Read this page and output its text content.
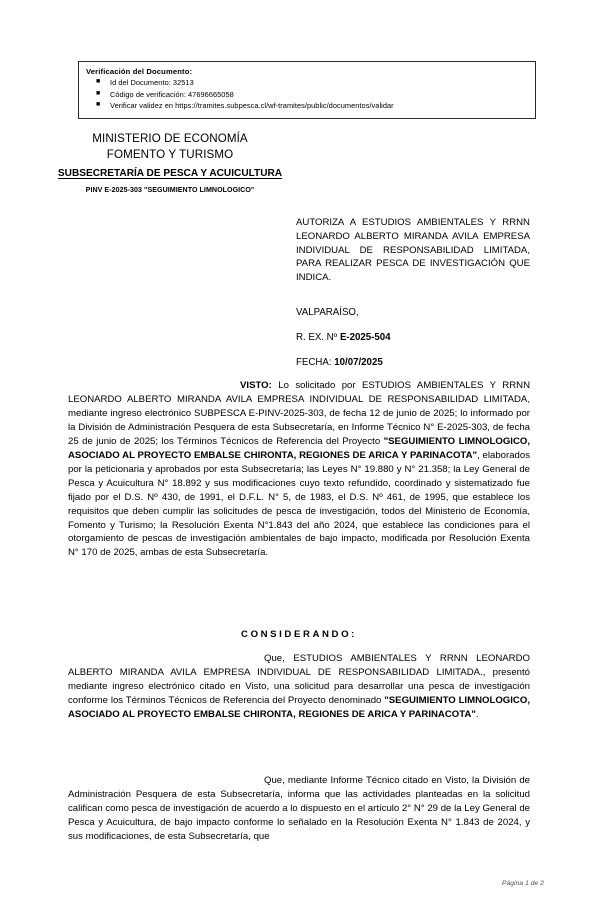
Verificación del Documento:
■ Id del Documento: 32513
■ Código de verificación: 47696665058
■ Verificar validez en https://tramites.subpesca.cl/wf-tramites/public/documentos/validar
MINISTERIO DE ECONOMÍA
FOMENTO Y TURISMO
SUBSECRETARÍA DE PESCA Y ACUICULTURA
PINV E-2025-303 "SEGUIMIENTO LIMNOLOGICO"
AUTORIZA A ESTUDIOS AMBIENTALES Y RRNN LEONARDO ALBERTO MIRANDA AVILA EMPRESA INDIVIDUAL DE RESPONSABILIDAD LIMITADA, PARA REALIZAR PESCA DE INVESTIGACIÓN QUE INDICA.
VALPARAÍSO,
R. EX. Nº E-2025-504
FECHA: 10/07/2025

VISTO: Lo solicitado por ESTUDIOS AMBIENTALES Y RRNN LEONARDO ALBERTO MIRANDA AVILA EMPRESA INDIVIDUAL DE RESPONSABILIDAD LIMITADA, mediante ingreso electrónico SUBPESCA E-PINV-2025-303, de fecha 12 de junio de 2025; lo informado por la División de Administración Pesquera de esta Subsecretaría, en Informe Técnico N° E-2025-303, de fecha 25 de junio de 2025; los Términos Técnicos de Referencia del Proyecto "SEGUIMIENTO LIMNOLOGICO, ASOCIADO AL PROYECTO EMBALSE CHIRONTA, REGIONES DE ARICA Y PARINACOTA", elaborados por la peticionaria y aprobados por esta Subsecretaría; las Leyes N° 19.880 y N° 21.358; la Ley General de Pesca y Acuicultura N° 18.892 y sus modificaciones cuyo texto refundido, coordinado y sistematizado fue fijado por el D.S. Nº 430, de 1991, el D.F.L. N° 5, de 1983, el D.S. Nº 461, de 1995, que establece los requisitos que deben cumplir las solicitudes de pesca de investigación, todos del Ministerio de Economía, Fomento y Turismo; la Resolución Exenta N°1.843 del año 2024, que establece las condiciones para el otorgamiento de pescas de investigación ambientales de bajo impacto, modificada por Resolución Exenta N° 170 de 2025, ambas de esta Subsecretaría.

CONSIDERANDO:

Que, ESTUDIOS AMBIENTALES Y RRNN LEONARDO ALBERTO MIRANDA AVILA EMPRESA INDIVIDUAL DE RESPONSABILIDAD LIMITADA., presentó mediante ingreso electrónico citado en Visto, una solicitud para desarrollar una pesca de investigación conforme los Términos Técnicos de Referencia del Proyecto denominado "SEGUIMIENTO LIMNOLOGICO, ASOCIADO AL PROYECTO EMBALSE CHIRONTA, REGIONES DE ARICA Y PARINACOTA".

Que, mediante Informe Técnico citado en Visto, la División de Administración Pesquera de esta Subsecretaría, informa que las actividades planteadas en la solicitud califican como pesca de investigación de acuerdo a lo dispuesto en el artículo 2° N° 29 de la Ley General de Pesca y Acuicultura, de bajo impacto conforme lo señalado en la Resolución Exenta N° 1.843 de 2024, y sus modificaciones, de esta Subsecretaría, que

Página 1 de 2
